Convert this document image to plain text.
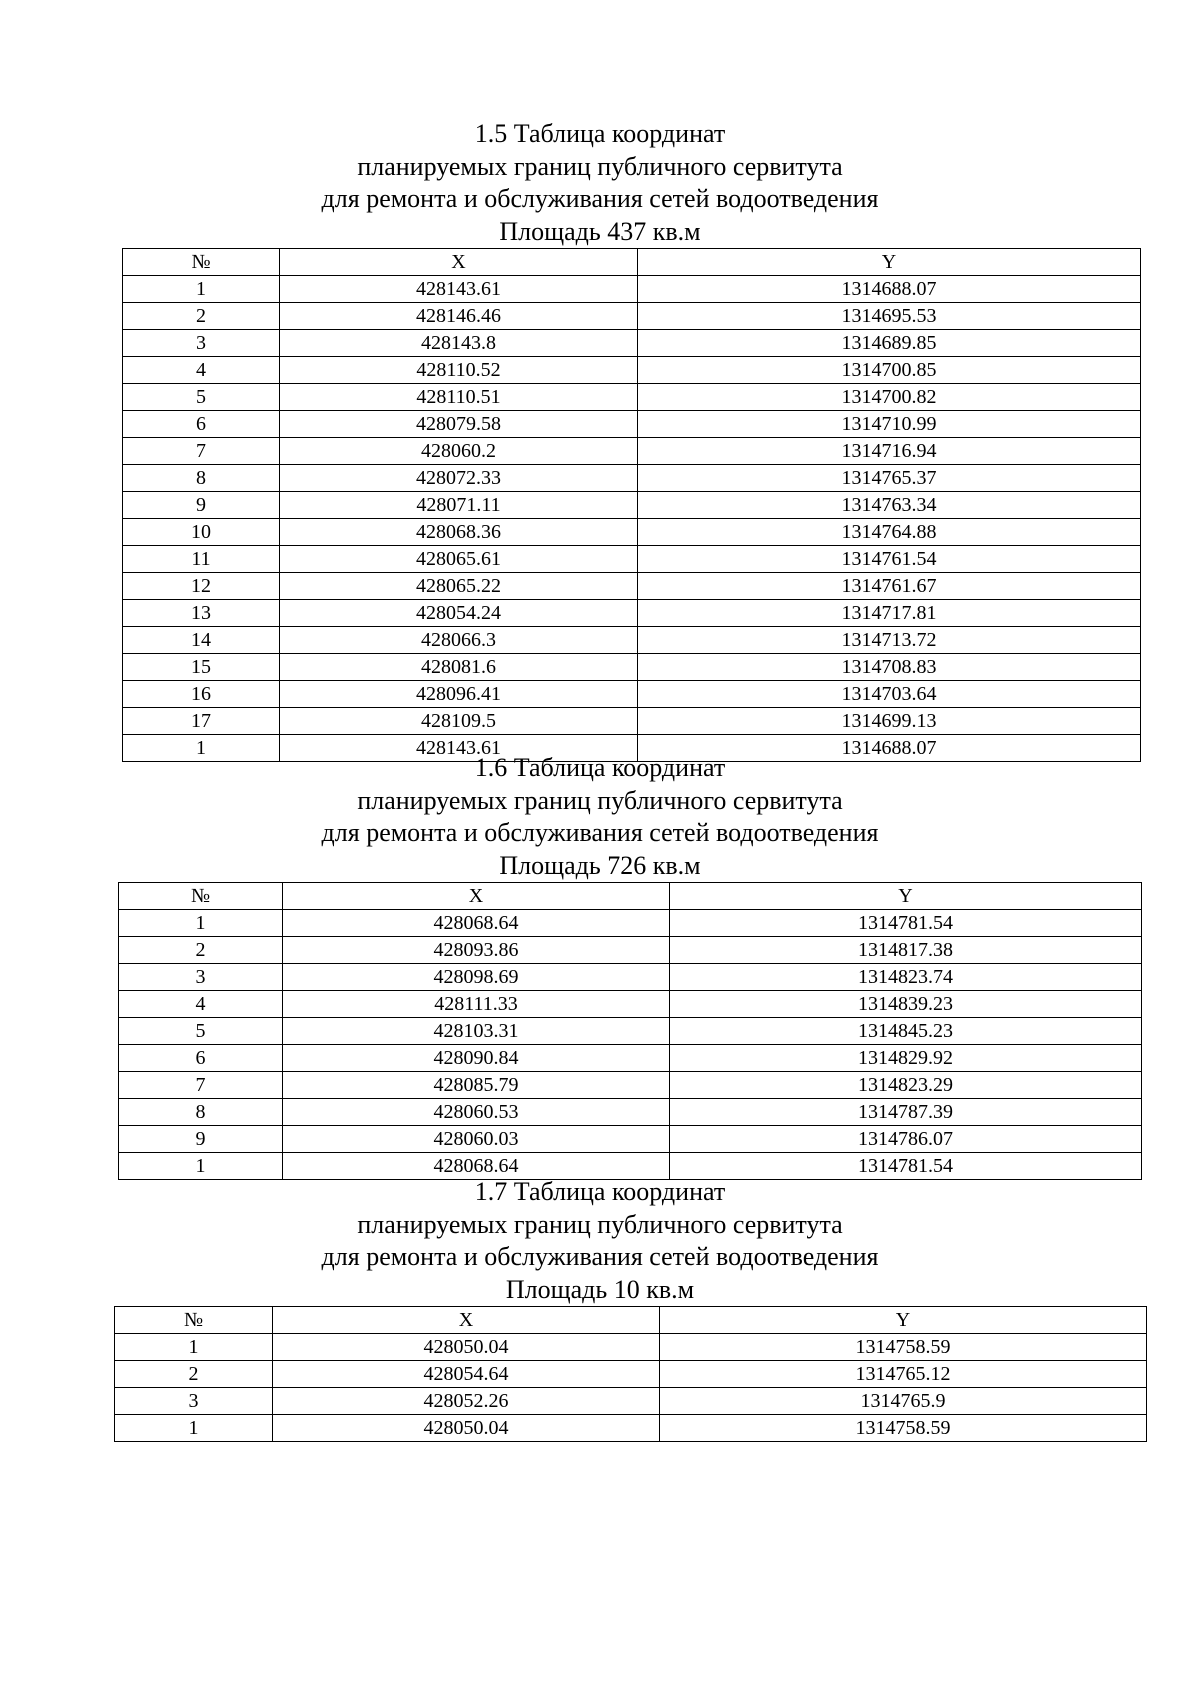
1.5 Таблица координат
планируемых границ публичного сервитута
для ремонта и обслуживания сетей водоотведения
Площадь 437 кв.м
№	X	Y
1	428143.61	1314688.07
2	428146.46	1314695.53
3	428143.8	1314689.85
4	428110.52	1314700.85
5	428110.51	1314700.82
6	428079.58	1314710.99
7	428060.2	1314716.94
8	428072.33	1314765.37
9	428071.11	1314763.34
10	428068.36	1314764.88
11	428065.61	1314761.54
12	428065.22	1314761.67
13	428054.24	1314717.81
14	428066.3	1314713.72
15	428081.6	1314708.83
16	428096.41	1314703.64
17	428109.5	1314699.13
1	428143.61	1314688.07
1.6 Таблица координат
планируемых границ публичного сервитута
для ремонта и обслуживания сетей водоотведения
Площадь 726 кв.м
№	X	Y
1	428068.64	1314781.54
2	428093.86	1314817.38
3	428098.69	1314823.74
4	428111.33	1314839.23
5	428103.31	1314845.23
6	428090.84	1314829.92
7	428085.79	1314823.29
8	428060.53	1314787.39
9	428060.03	1314786.07
1	428068.64	1314781.54
1.7 Таблица координат
планируемых границ публичного сервитута
для ремонта и обслуживания сетей водоотведения
Площадь 10 кв.м
№	X	Y
1	428050.04	1314758.59
2	428054.64	1314765.12
3	428052.26	1314765.9
1	428050.04	1314758.59
